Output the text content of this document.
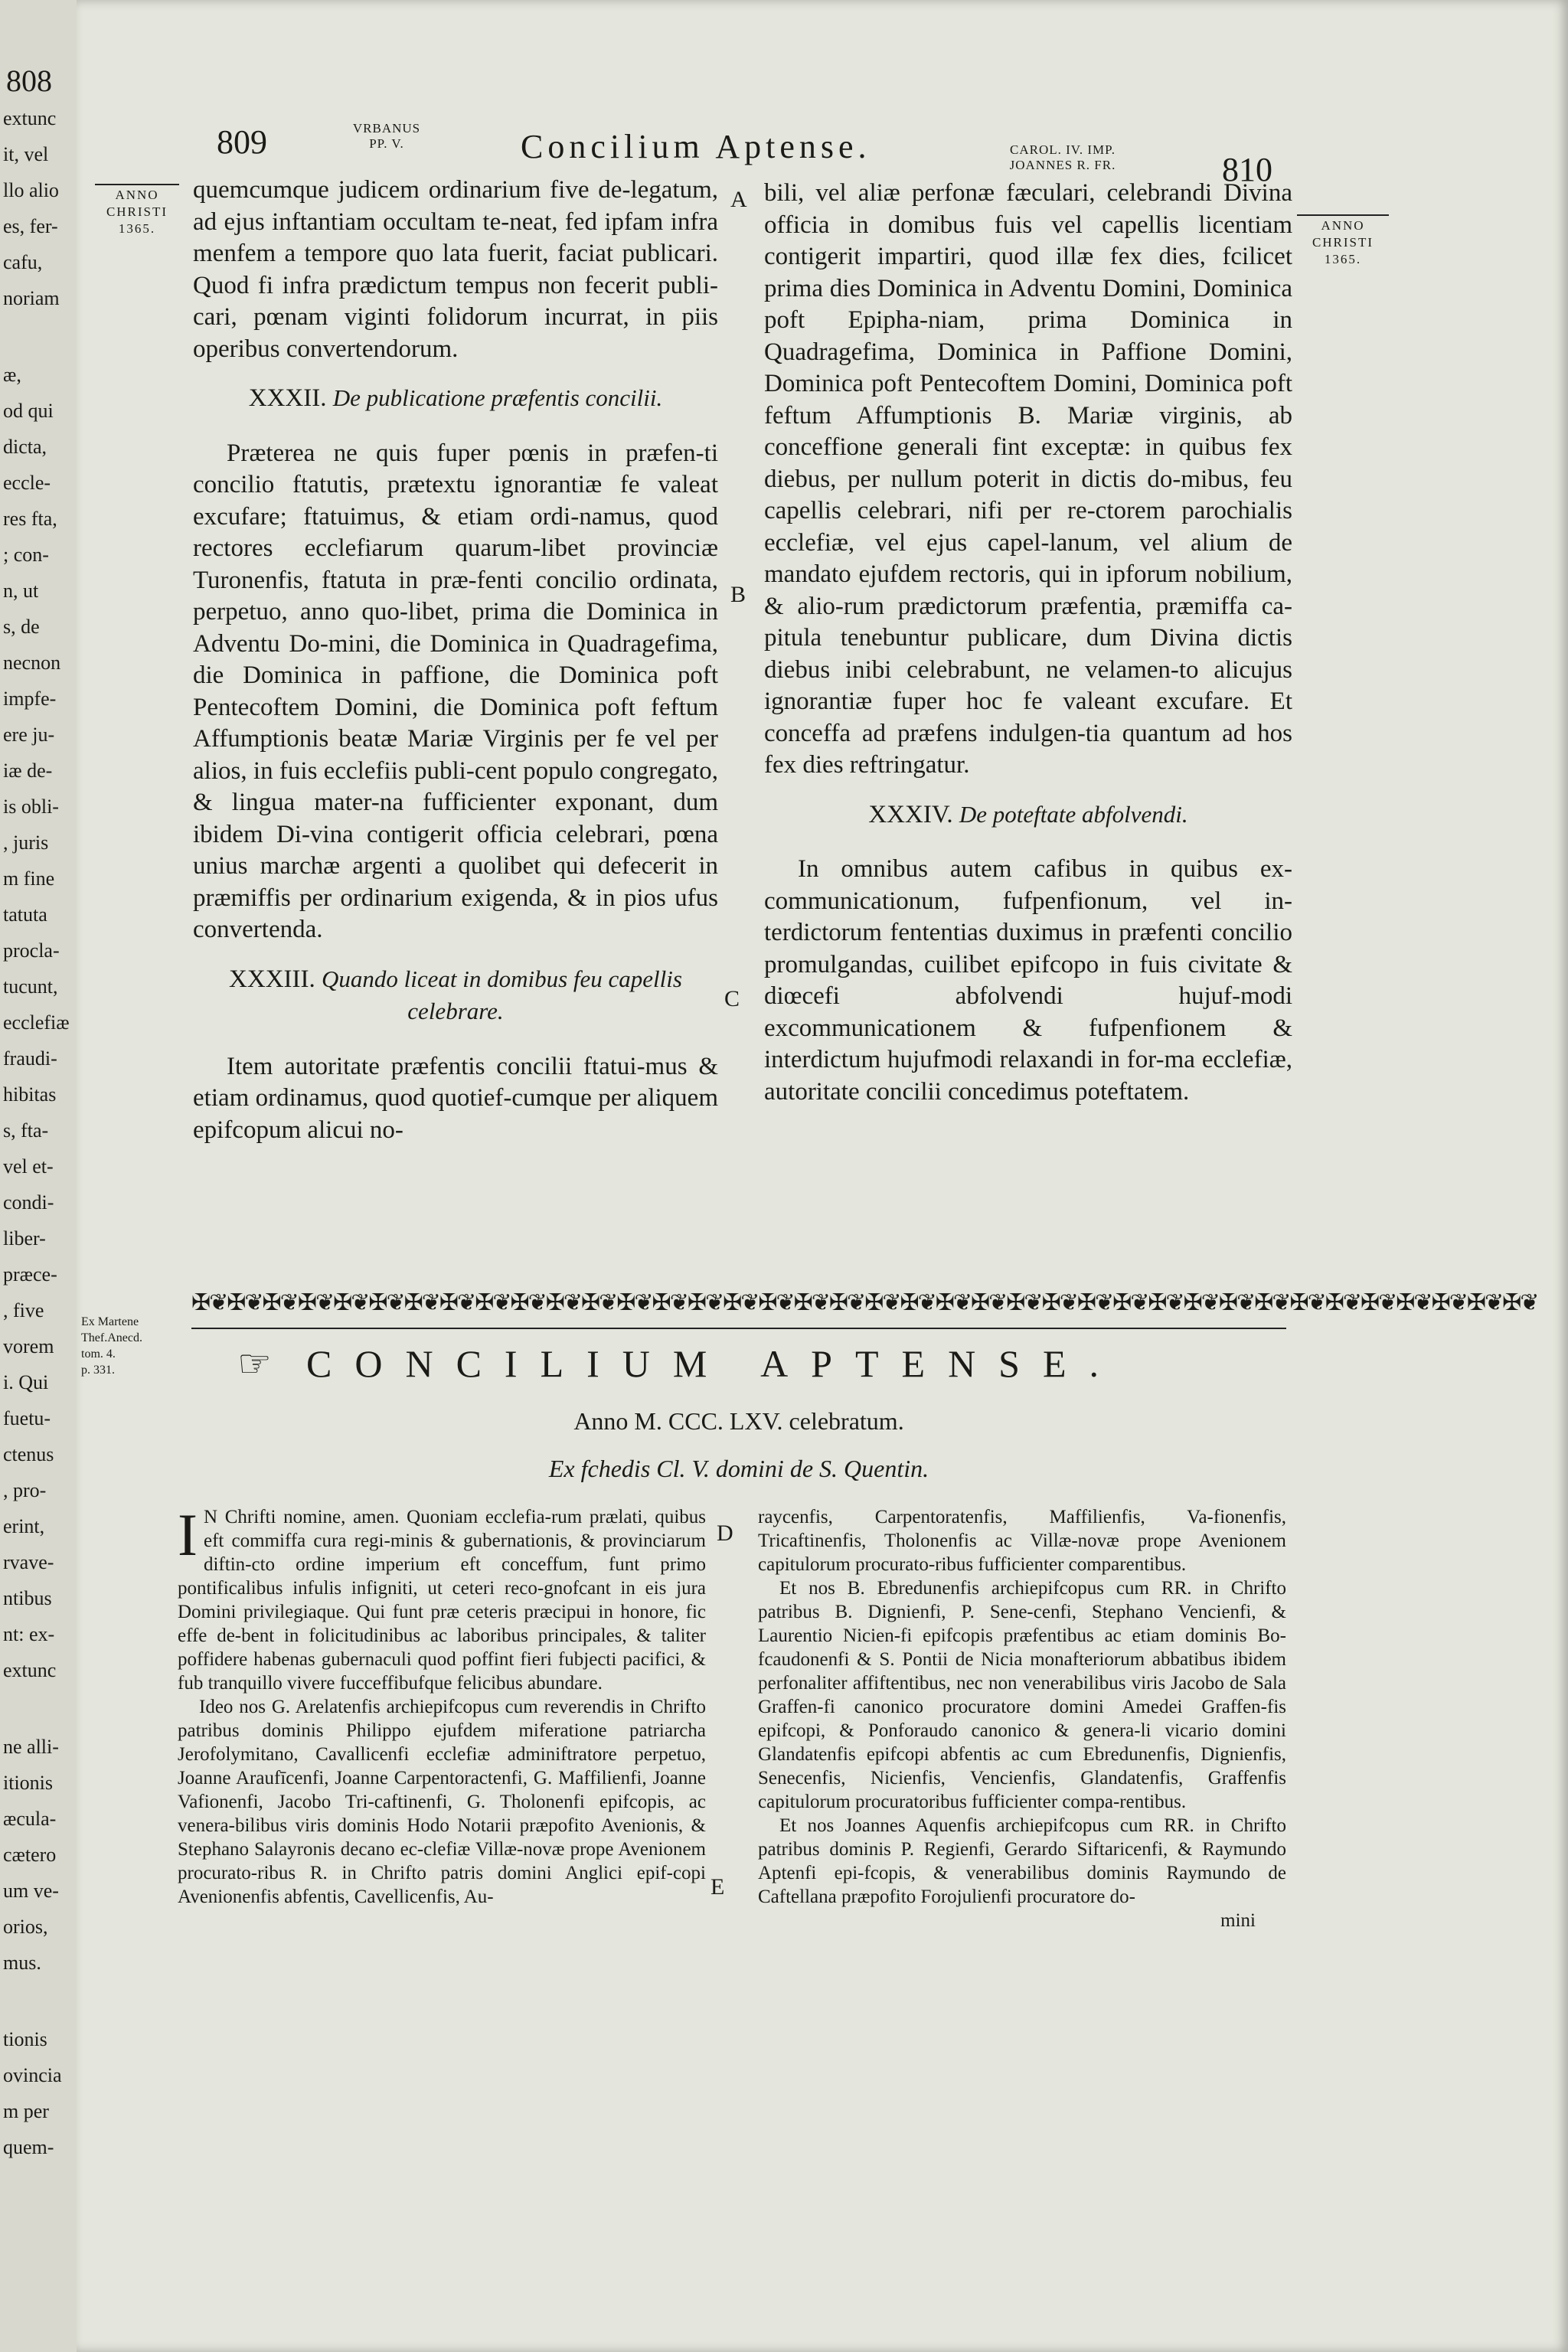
808
extunc
it, vel
llo alio
es, fer-
cafu,
noriam
æ,
od qui
dicta,
eccle-
res fta,
; con-
n, ut
s, de
necnon
impfe-
ere ju-
iæ de-
is obli-
, juris
m fine
tatuta
procla-
tucunt,
ecclefiæ
fraudi-
hibitas
s, fta-
vel et-
condi-
liber-
præce-
, five
vorem
i. Qui
fuetu-
ctenus
, pro-
erint,
rvave-
ntibus
nt: ex-
extunc
ne alli-
itionis
æcula-
cætero
um ve-
orios,
mus.
tionis
ovincia
m per
quem-
809	VRBANUS
PP. V.	Concilium Aptense.	CAROL. IV. IMP.
JOANNES R. FR.	810
ANNO
CHRISTI
1365.	ANNO
CHRISTI
1365.
A
B
C
D
E

quemcumque judicem ordinarium five de-legatum, ad ejus inftantiam occultam te-neat, fed ipfam infra menfem a tempore quo lata fuerit, faciat publicari. Quod fi infra prædictum tempus non fecerit publi-cari, pœnam viginti folidorum incurrat, in piis operibus convertendorum.

XXXII. De publicatione præfentis concilii.

Præterea ne quis fuper pœnis in præfen-ti concilio ftatutis, prætextu ignorantiæ fe valeat excufare; ftatuimus, & etiam ordi-namus, quod rectores ecclefiarum quarum-libet provinciæ Turonenfis, ftatuta in præ-fenti concilio ordinata, perpetuo, anno quo-libet, prima die Dominica in Adventu Do-mini, die Dominica in Quadragefima, die Dominica in paffione, die Dominica poft Pentecoftem Domini, die Dominica poft feftum Affumptionis beatæ Mariæ Virginis per fe vel per alios, in fuis ecclefiis publi-cent populo congregato, & lingua mater-na fufficienter exponant, dum ibidem Di-vina contigerit officia celebrari, pœna unius marchæ argenti a quolibet qui defecerit in præmiffis per ordinarium exigenda, & in pios ufus convertenda.

XXXIII. Quando liceat in domibus feu capellis celebrare.

Item autoritate præfentis concilii ftatui-mus & etiam ordinamus, quod quotief-cumque per aliquem epifcopum alicui no-

bili, vel aliæ perfonæ fæculari, celebrandi Divina officia in domibus fuis vel capellis licentiam contigerit impartiri, quod illæ fex dies, fcilicet prima dies Dominica in Adventu Domini, Dominica poft Epipha-niam, prima Dominica in Quadragefima, Dominica in Paffione Domini, Dominica poft Pentecoftem Domini, Dominica poft feftum Affumptionis B. Mariæ virginis, ab conceffione generali fint exceptæ: in quibus fex diebus, per nullum poterit in dictis do-mibus, feu capellis celebrari, nifi per re-ctorem parochialis ecclefiæ, vel ejus capel-lanum, vel alium de mandato ejufdem rectoris, qui in ipforum nobilium, & alio-rum prædictorum præfentia, præmiffa ca-pitula tenebuntur publicare, dum Divina dictis diebus inibi celebrabunt, ne velamen-to alicujus ignorantiæ fuper hoc fe valeant excufare. Et conceffa ad præfens indulgen-tia quantum ad hos fex dies reftringatur.

XXXIV. De poteftate abfolvendi.

In omnibus autem cafibus in quibus ex-communicationum, fufpenfionum, vel in-terdictorum fententias duximus in præfenti concilio promulgandas, cuilibet epifcopo in fuis civitate & diœcefi abfolvendi hujuf-modi excommunicationem & fufpenfionem & interdictum hujufmodi relaxandi in for-ma ecclefiæ, autoritate concilii concedimus poteftatem.

✠❦✠❦✠❦✠❦✠❦✠❦✠❦✠❦✠❦✠❦✠❦✠❦✠❦✠❦✠❦✠❦✠❦✠❦✠❦✠❦✠❦✠❦✠❦✠❦✠❦✠❦✠❦✠❦✠❦✠❦✠❦✠❦✠❦✠❦✠❦✠❦✠❦✠❦
Ex Martene
Thef.Anecd.
tom. 4.
p. 331.	☞ CONCILIUM APTENSE.
Anno M. CCC. LXV. celebratum.
Ex fchedis Cl. V. domini de S. Quentin.

I N Chrifti nomine, amen. Quoniam ecclefia-rum prælati, quibus eft commiffa cura regi-minis & gubernationis, & provinciarum diftin-cto ordine imperium eft conceffum, funt primo pontificalibus infulis infigniti, ut ceteri reco-gnofcant in eis jura Domini privilegiaque. Qui funt præ ceteris præcipui in honore, fic effe de-bent in folicitudinibus ac laboribus principales, & taliter poffidere habenas gubernaculi quod poffint fieri fubjecti pacifici, & fub tranquillo vivere fucceffibufque felicibus abundare.

Ideo nos G. Arelatenfis archiepifcopus cum reverendis in Chrifto patribus dominis Philippo ejufdem miferatione patriarcha Jerofolymitano, Cavallicenfi ecclefiæ adminiftratore perpetuo, Joanne Araufīcenfi, Joanne Carpentoractenfi, G. Maffilienfi, Joanne Vafionenfi, Jacobo Tri-caftinenfi, G. Tholonenfi epifcopis, ac venera-bilibus viris dominis Hodo Notarii præpofito Avenionis, & Stephano Salayronis decano ec-clefiæ Villæ-novæ prope Avenionem procurato-ribus R. in Chrifto patris domini Anglici epif-copi Avenionenfis abfentis, Cavellicenfis, Au-

raycenfis, Carpentoratenfis, Maffilienfis, Va-fionenfis, Tricaftinenfis, Tholonenfis ac Villæ-novæ prope Avenionem capitulorum procurato-ribus fufficienter comparentibus.

Et nos B. Ebredunenfis archiepifcopus cum RR. in Chrifto patribus B. Dignienfi, P. Sene-cenfi, Stephano Vencienfi, & Laurentio Nicien-fi epifcopis præfentibus ac etiam dominis Bo-fcaudonenfi & S. Pontii de Nicia monafteriorum abbatibus ibidem perfonaliter affiftentibus, nec non venerabilibus viris Jacobo de Sala Graffen-fi canonico procuratore domini Amedei Graffen-fis epifcopi, & Ponforaudo canonico & genera-li vicario domini Glandatenfis epifcopi abfentis ac cum Ebredunenfis, Dignienfis, Senecenfis, Nicienfis, Vencienfis, Glandatenfis, Graffenfis capitulorum procuratoribus fufficienter compa-rentibus.

Et nos Joannes Aquenfis archiepifcopus cum RR. in Chrifto patribus dominis P. Regienfi, Gerardo Siftaricenfi, & Raymundo Aptenfi epi-fcopis, & venerabilibus dominis Raymundo de Caftellana præpofito Forojulienfi procuratore do-

mini
